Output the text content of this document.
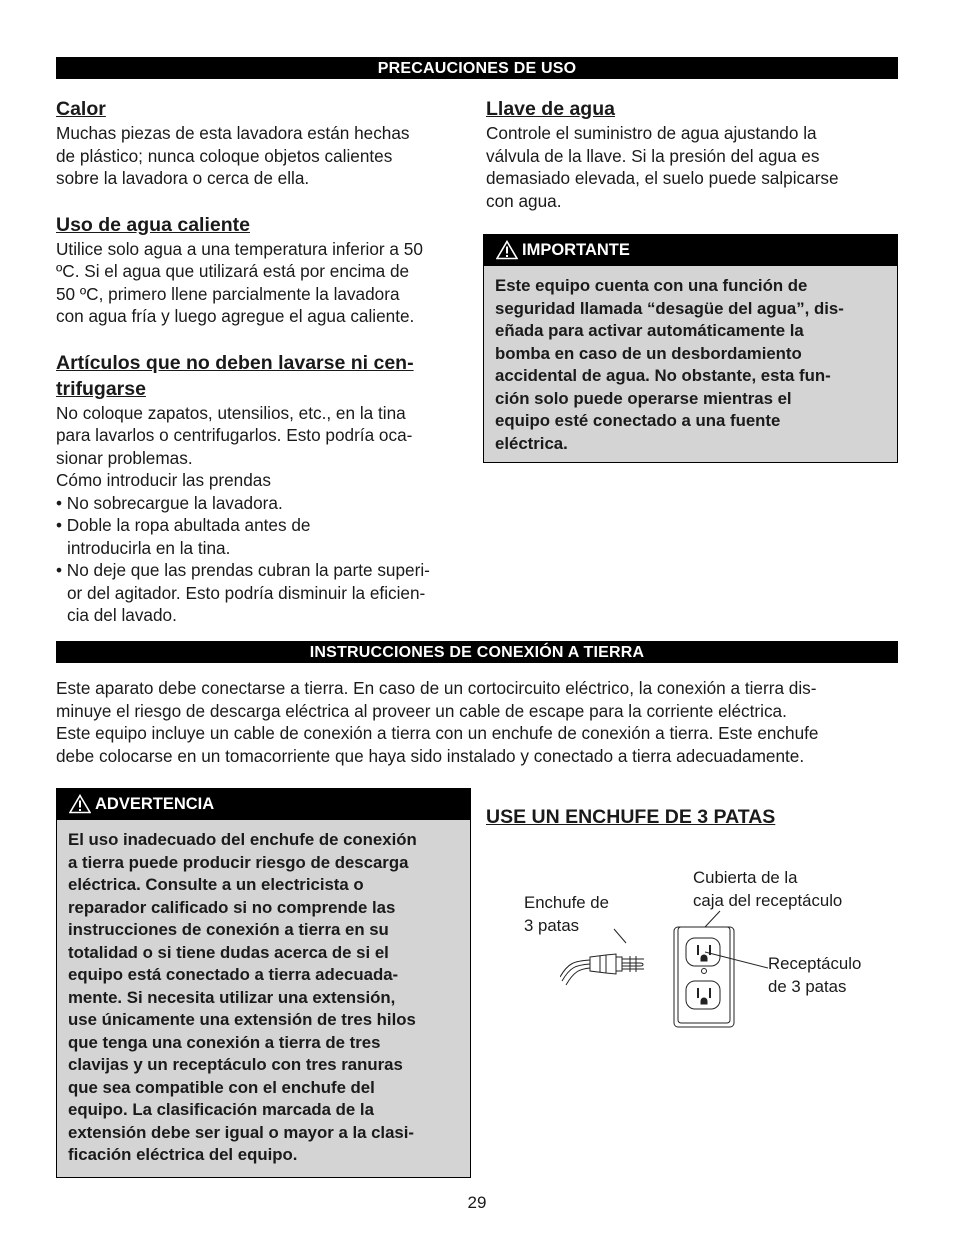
PRECAUCIONES DE USO

Calor

Muchas piezas de esta lavadora están hechas

de plástico; nunca coloque objetos calientes

sobre la lavadora o cerca de ella.

Uso de agua caliente

Utilice solo agua a una temperatura inferior a 50

ºC. Si el agua que utilizará está por encima de

50 ºC, primero llene parcialmente la lavadora

con agua fría y luego agregue el agua caliente.

Artículos que no deben lavarse ni cen-

trifugarse

No coloque zapatos, utensilios, etc., en la tina

para lavarlos o centrifugarlos. Esto podría oca-

sionar problemas.

Cómo introducir las prendas

• No sobrecargue la lavadora.

• Doble la ropa abultada antes de

introducirla en la tina.

• No deje que las prendas cubran la parte superi-

or del agitador. Esto podría disminuir la eficien-

cia del lavado.

Llave de agua

Controle el suministro de agua ajustando la

válvula de la llave. Si la presión del agua es

demasiado elevada, el suelo puede salpicarse

con agua.

IMPORTANTE
Este equipo cuenta con una función de
seguridad llamada “desagüe del agua”, dis-
eñada para activar automáticamente la
bomba en caso de un desbordamiento
accidental de agua. No obstante, esta fun-
ción solo puede operarse mientras el
equipo esté conectado a una fuente
eléctrica.
INSTRUCCIONES DE CONEXIÓN A TIERRA
Este aparato debe conectarse a tierra. En caso de un cortocircuito eléctrico, la conexión a tierra dis-
minuye el riesgo de descarga eléctrica al proveer un cable de escape para la corriente eléctrica.
Este equipo incluye un cable de conexión a tierra con un enchufe de conexión a tierra. Este enchufe
debe colocarse en un tomacorriente que haya sido instalado y conectado a tierra adecuadamente.
ADVERTENCIA
El uso inadecuado del enchufe de conexión
a tierra puede producir riesgo de descarga
eléctrica. Consulte a un electricista o
reparador calificado si no comprende las
instrucciones de conexión a tierra en su
totalidad o si tiene dudas acerca de si el
equipo está conectado a tierra adecuada-
mente. Si necesita utilizar una extensión,
use únicamente una extensión de tres hilos
que tenga una conexión a tierra de tres
clavijas y un receptáculo con tres ranuras
que sea compatible con el enchufe del
equipo. La clasificación marcada de la
extensión debe ser igual o mayor a la clasi-
ficación eléctrica del equipo.
USE UN ENCHUFE DE 3 PATAS
Cubierta de la
caja del receptáculo
Enchufe de
3 patas
Receptáculo
de 3 patas
29
